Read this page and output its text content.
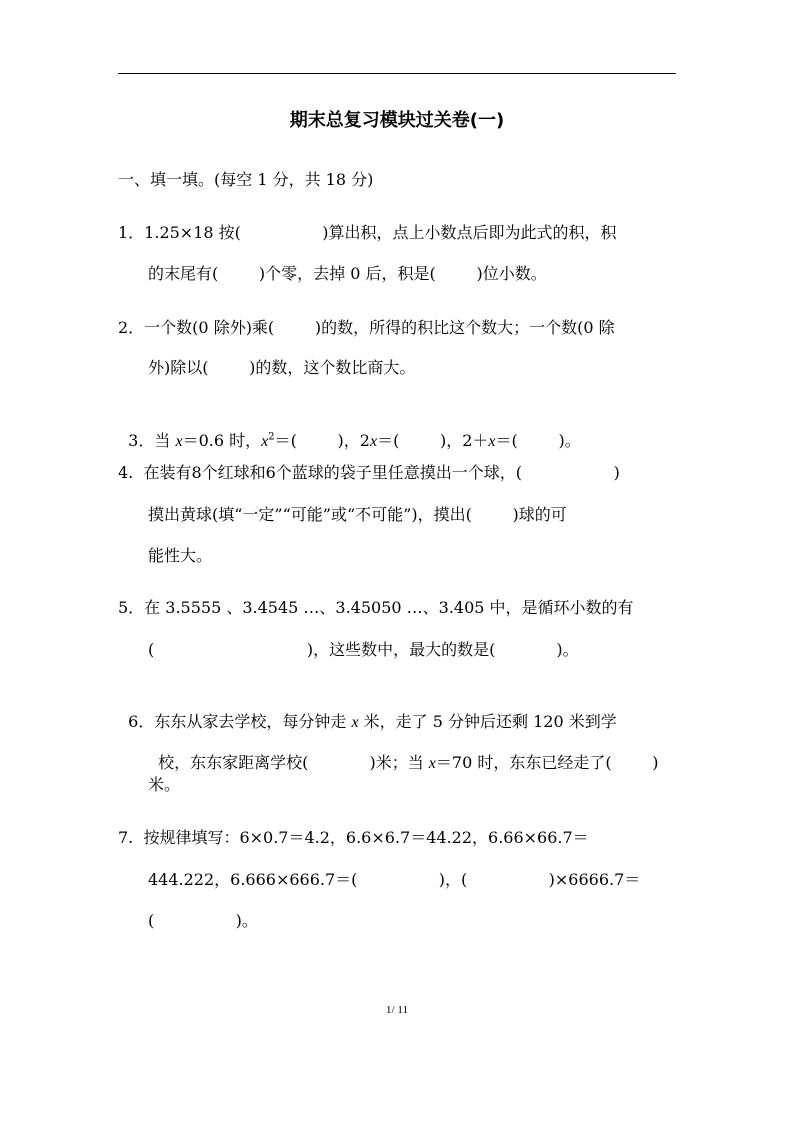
期末总复习模块过关卷(一)
一、填一填。(每空 1 分，共 18 分)
1．1.25×18 按(                )算出积，点上小数点后即为此式的积，积
的末尾有(        )个零，去掉 0 后，积是(        )位小数。
2．一个数(0 除外)乘(        )的数，所得的积比这个数大；一个数(0 除
外)除以(        )的数，这个数比商大。

3．当 x＝0.6 时，$x^2=$(        )，2x＝(        )，2＋x＝(        )。

4.  在装有8个红球和6个蓝球的袋子里任意摸出一个球，(                  )
摸出黄球(填“一定”“可能”或“不可能”)，摸出(        )球的可
能性大。
5．在 3.5555 、3.4545 …、3.45050 …、3.405 中，是循环小数的有
(                              )，这些数中，最大的数是(            )。

6．东东从家去学校，每分钟走 x 米，走了 5 分钟后还剩 120 米到学

校，东东家距离学校(            )米；当 x＝70 时，东东已经走了(        )

米。
7.  按规律填写：6×0.7＝4.2，6.6×6.7＝44.22，6.66×66.7＝
444.222，6.666×666.7＝(                )，(                )×6666.7＝
(                )。
1/ 11
